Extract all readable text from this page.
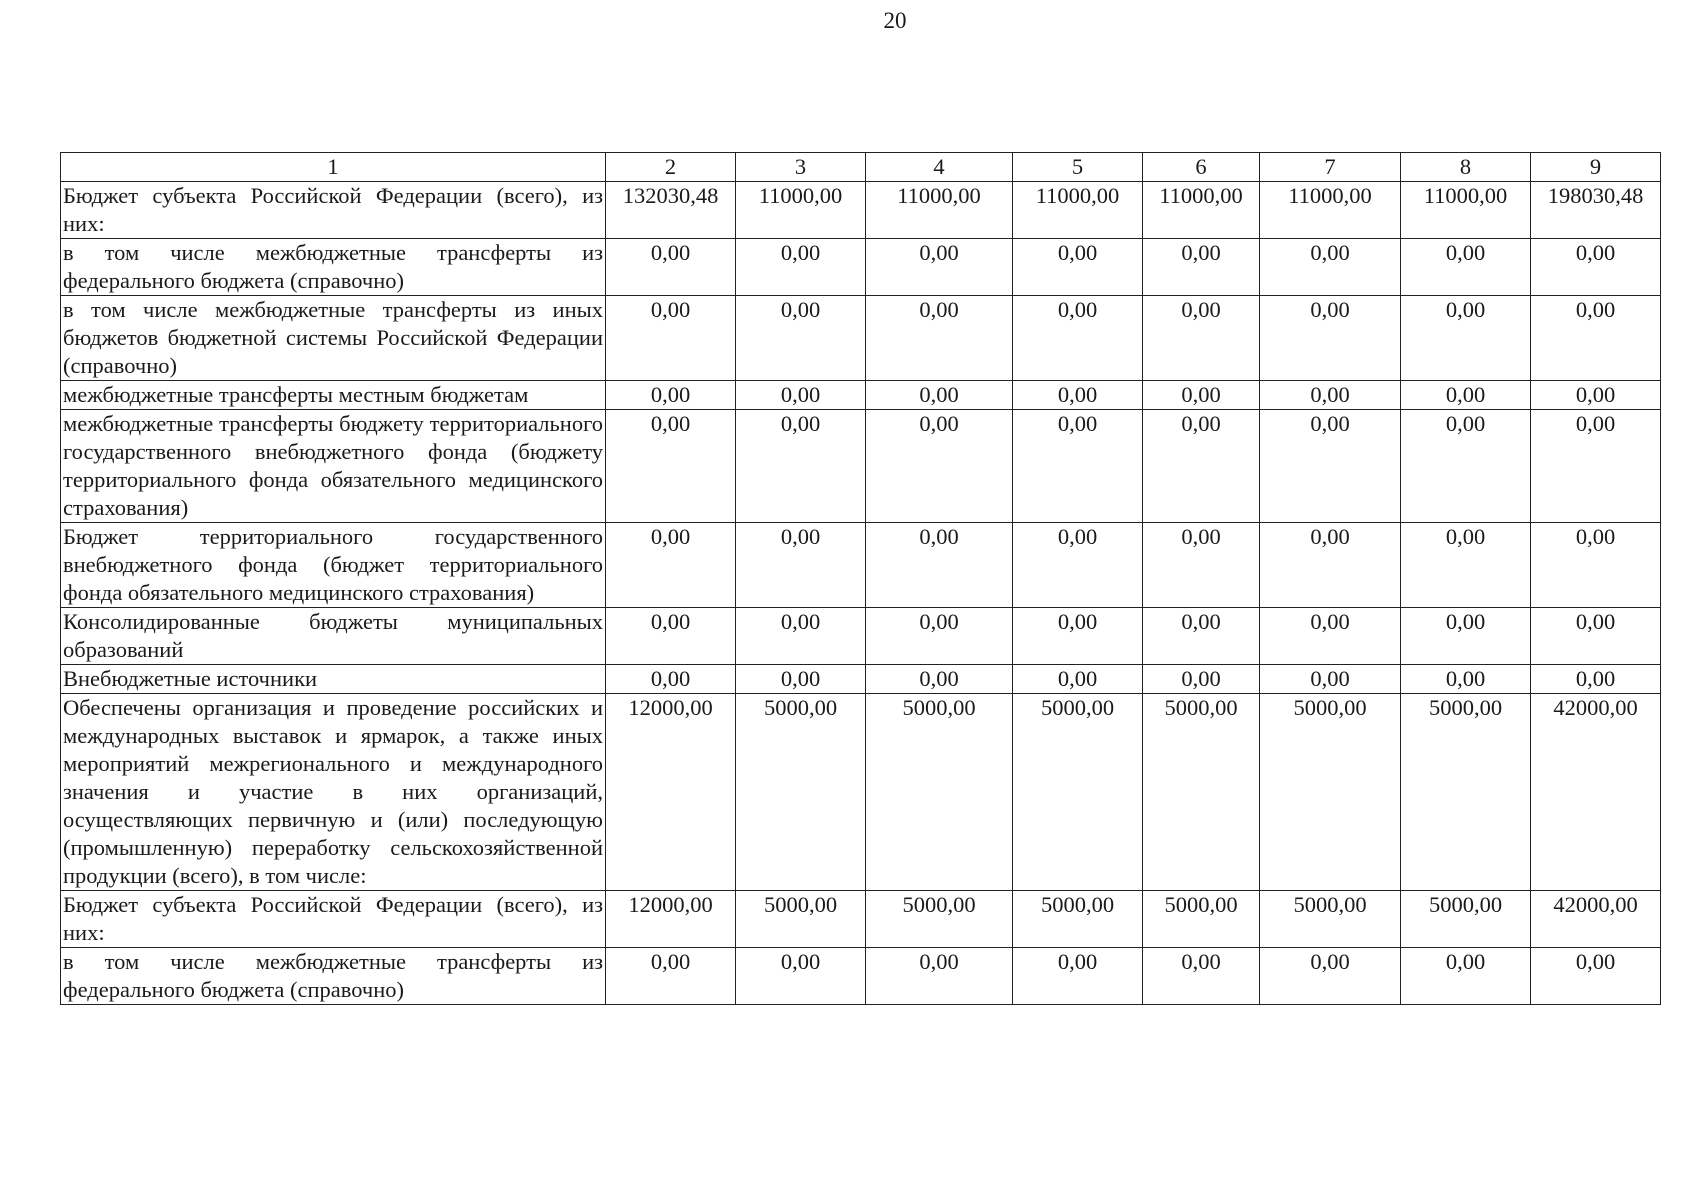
20
1	2	3	4	5	6	7	8	9
Бюджет субъекта Российской Федерации (всего), из них:	132030,48	11000,00	11000,00	11000,00	11000,00	11000,00	11000,00	198030,48
в том числе межбюджетные трансферты из федерального бюджета (справочно)	0,00	0,00	0,00	0,00	0,00	0,00	0,00	0,00
в том числе межбюджетные трансферты из иных бюджетов бюджетной системы Российской Федерации (справочно)	0,00	0,00	0,00	0,00	0,00	0,00	0,00	0,00
межбюджетные трансферты местным бюджетам	0,00	0,00	0,00	0,00	0,00	0,00	0,00	0,00
межбюджетные трансферты бюджету территориального государственного внебюджетного фонда (бюджету территориального фонда обязательного медицинского страхования)	0,00	0,00	0,00	0,00	0,00	0,00	0,00	0,00
Бюджет территориального государственного внебюджетного фонда (бюджет территориального фонда обязательного медицинского страхования)	0,00	0,00	0,00	0,00	0,00	0,00	0,00	0,00
Консолидированные бюджеты муниципальных образований	0,00	0,00	0,00	0,00	0,00	0,00	0,00	0,00
Внебюджетные источники	0,00	0,00	0,00	0,00	0,00	0,00	0,00	0,00
Обеспечены организация и проведение российских и международных выставок и ярмарок, а также иных мероприятий межрегионального и международного значения и участие в них организаций, осуществляющих первичную и (или) последующую (промышленную) переработку сельскохозяйственной продукции (всего), в том числе:	12000,00	5000,00	5000,00	5000,00	5000,00	5000,00	5000,00	42000,00
Бюджет субъекта Российской Федерации (всего), из них:	12000,00	5000,00	5000,00	5000,00	5000,00	5000,00	5000,00	42000,00
в том числе межбюджетные трансферты из федерального бюджета (справочно)	0,00	0,00	0,00	0,00	0,00	0,00	0,00	0,00
